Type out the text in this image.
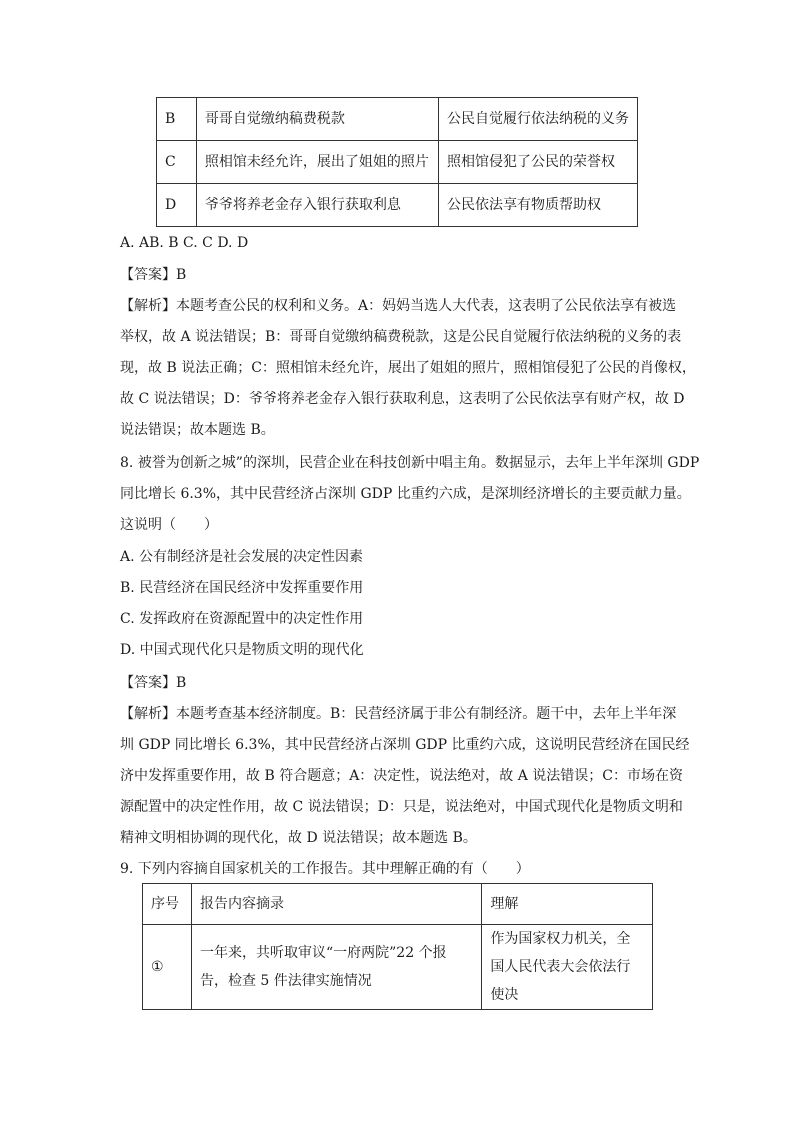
B	哥哥自觉缴纳稿费税款	公民自觉履行依法纳税的义务
C	照相馆未经允许，展出了姐姐的照片	照相馆侵犯了公民的荣誉权
D	爷爷将养老金存入银行获取利息	公民依法享有物质帮助权
A. AB. B C. C D. D
【答案】B
【解析】本题考查公民的权利和义务。A：妈妈当选人大代表，这表明了公民依法享有被选
举权，故 A 说法错误；B：哥哥自觉缴纳稿费税款，这是公民自觉履行依法纳税的义务的表
现，故 B 说法正确；C：照相馆未经允许，展出了姐姐的照片，照相馆侵犯了公民的肖像权，
故 C 说法错误；D：爷爷将养老金存入银行获取利息，这表明了公民依法享有财产权，故 D
说法错误；故本题选 B。
8. 被誉为创新之城”的深圳，民营企业在科技创新中唱主角。数据显示，去年上半年深圳 GDP
同比增长 6.3%，其中民营经济占深圳 GDP 比重约六成，是深圳经济增长的主要贡献力量。
这说明（　　）
A. 公有制经济是社会发展的决定性因素
B. 民营经济在国民经济中发挥重要作用
C. 发挥政府在资源配置中的决定性作用
D. 中国式现代化只是物质文明的现代化
【答案】B
【解析】本题考查基本经济制度。B：民营经济属于非公有制经济。题干中，去年上半年深
圳 GDP 同比增长 6.3%，其中民营经济占深圳 GDP 比重约六成，这说明民营经济在国民经
济中发挥重要作用，故 B 符合题意；A：决定性，说法绝对，故 A 说法错误；C：市场在资
源配置中的决定性作用，故 C 说法错误；D：只是，说法绝对，中国式现代化是物质文明和
精神文明相协调的现代化，故 D 说法错误；故本题选 B。
9. 下列内容摘自国家机关的工作报告。其中理解正确的有（　　）
序号	报告内容摘录	理解
①	一年来，共听取审议“一府两院”22 个报告，检查 5 件法律实施情况	作为国家权力机关，全国人民代表大会依法行使决
